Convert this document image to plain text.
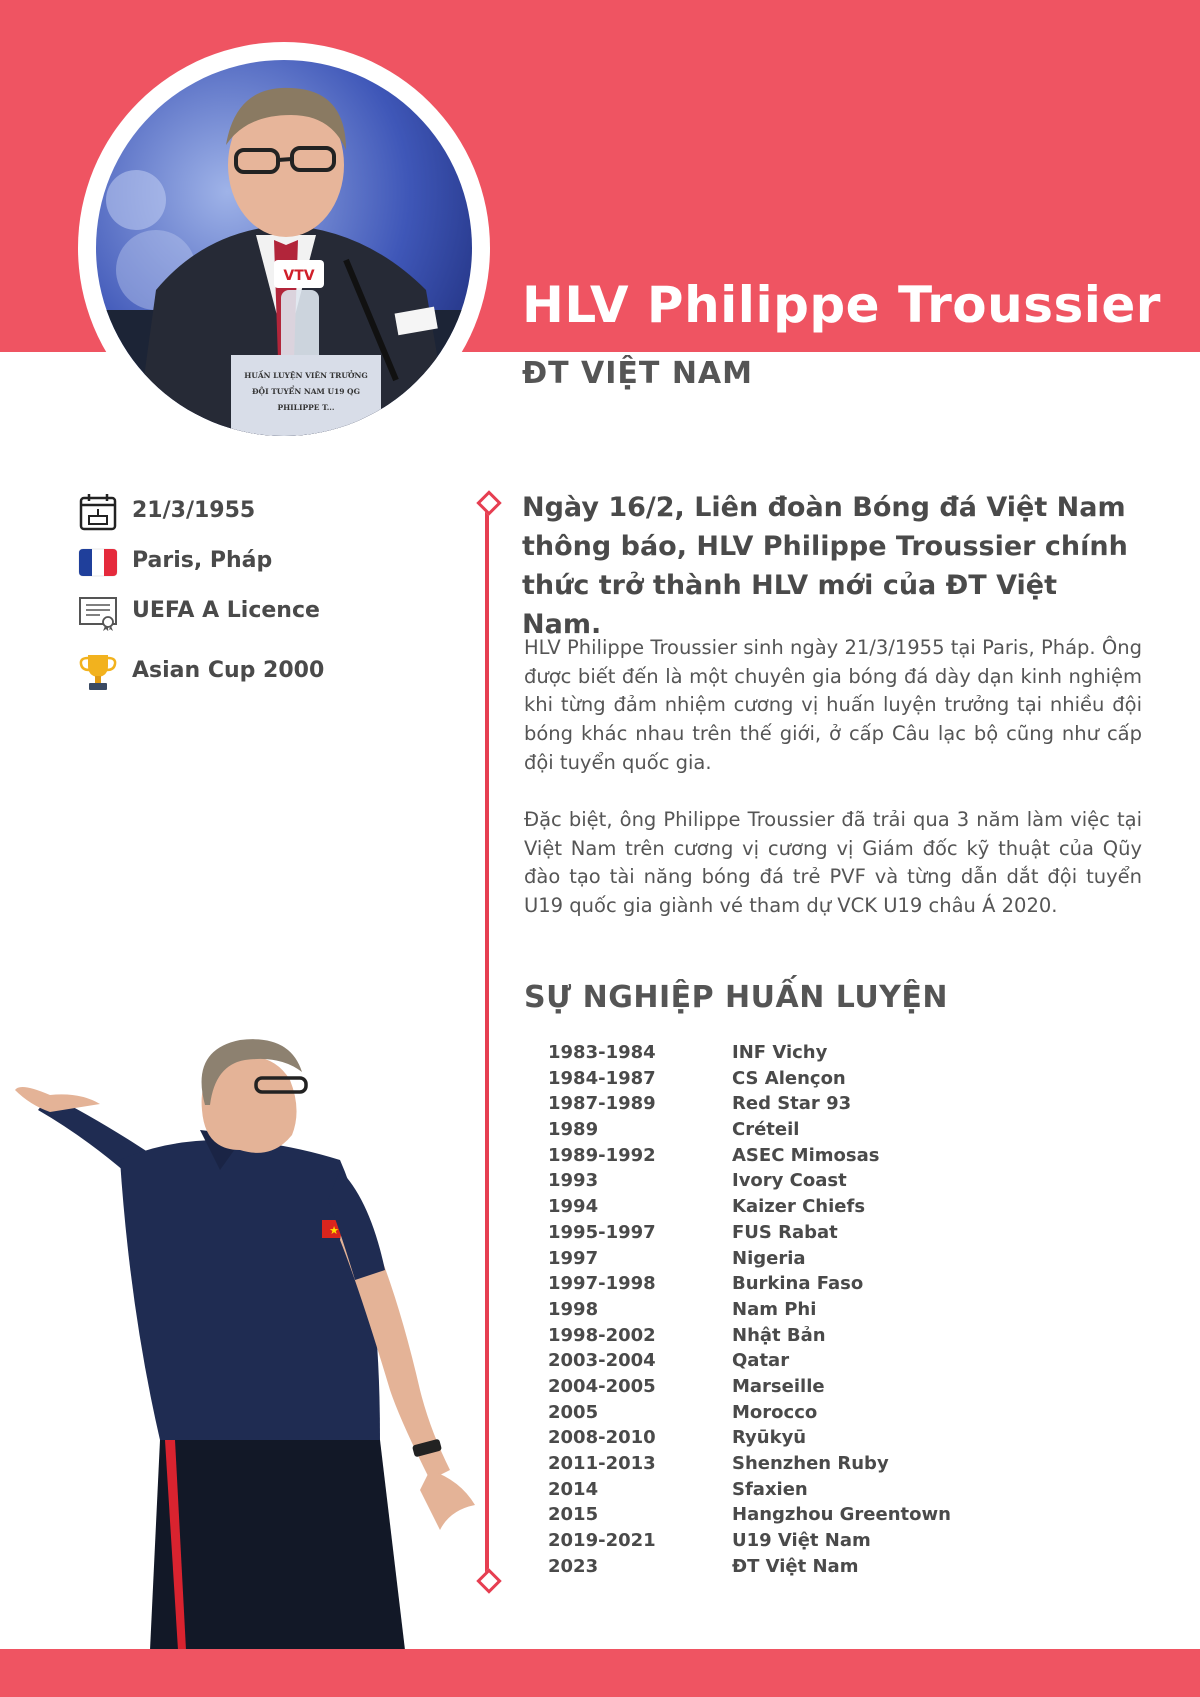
VTV
HUẤN LUYỆN VIÊN TRƯỞNG
ĐỘI TUYỂN NAM U19 QG
PHILIPPE T...
HLV Philippe Troussier
ĐT VIỆT NAM
21/3/1955
Paris, Pháp
UEFA A Licence
Asian Cup 2000
Ngày 16/2, Liên đoàn Bóng đá Việt Nam thông báo, HLV Philippe Troussier chính thức trở thành HLV mới của ĐT Việt Nam.
HLV Philippe Troussier sinh ngày 21/3/1955 tại Paris, Pháp. Ông được biết đến là một chuyên gia bóng đá dày dạn kinh nghiệm khi từng đảm nhiệm cương vị huấn luyện trưởng tại nhiều đội bóng khác nhau trên thế giới, ở cấp Câu lạc bộ cũng như cấp đội tuyển quốc gia.
Đặc biệt, ông Philippe Troussier đã trải qua 3 năm làm việc tại Việt Nam trên cương vị cương vị Giám đốc kỹ thuật của Qũy đào tạo tài năng bóng đá trẻ PVF và từng dẫn dắt đội tuyển U19 quốc gia giành vé tham dự VCK U19 châu Á 2020.
SỰ NGHIỆP HUẤN LUYỆN
1983-1984	INF Vichy
1984-1987	CS Alençon
1987-1989	Red Star 93
1989	Créteil
1989-1992	ASEC Mimosas
1993	Ivory Coast
1994	Kaizer Chiefs
1995-1997	FUS Rabat
1997	Nigeria
1997-1998	Burkina Faso
1998	Nam Phi
1998-2002	Nhật Bản
2003-2004	Qatar
2004-2005	Marseille
2005	Morocco
2008-2010	Ryūkyū
2011-2013	Shenzhen Ruby
2014	Sfaxien
2015	Hangzhou Greentown
2019-2021	U19 Việt Nam
2023	ĐT Việt Nam
★
